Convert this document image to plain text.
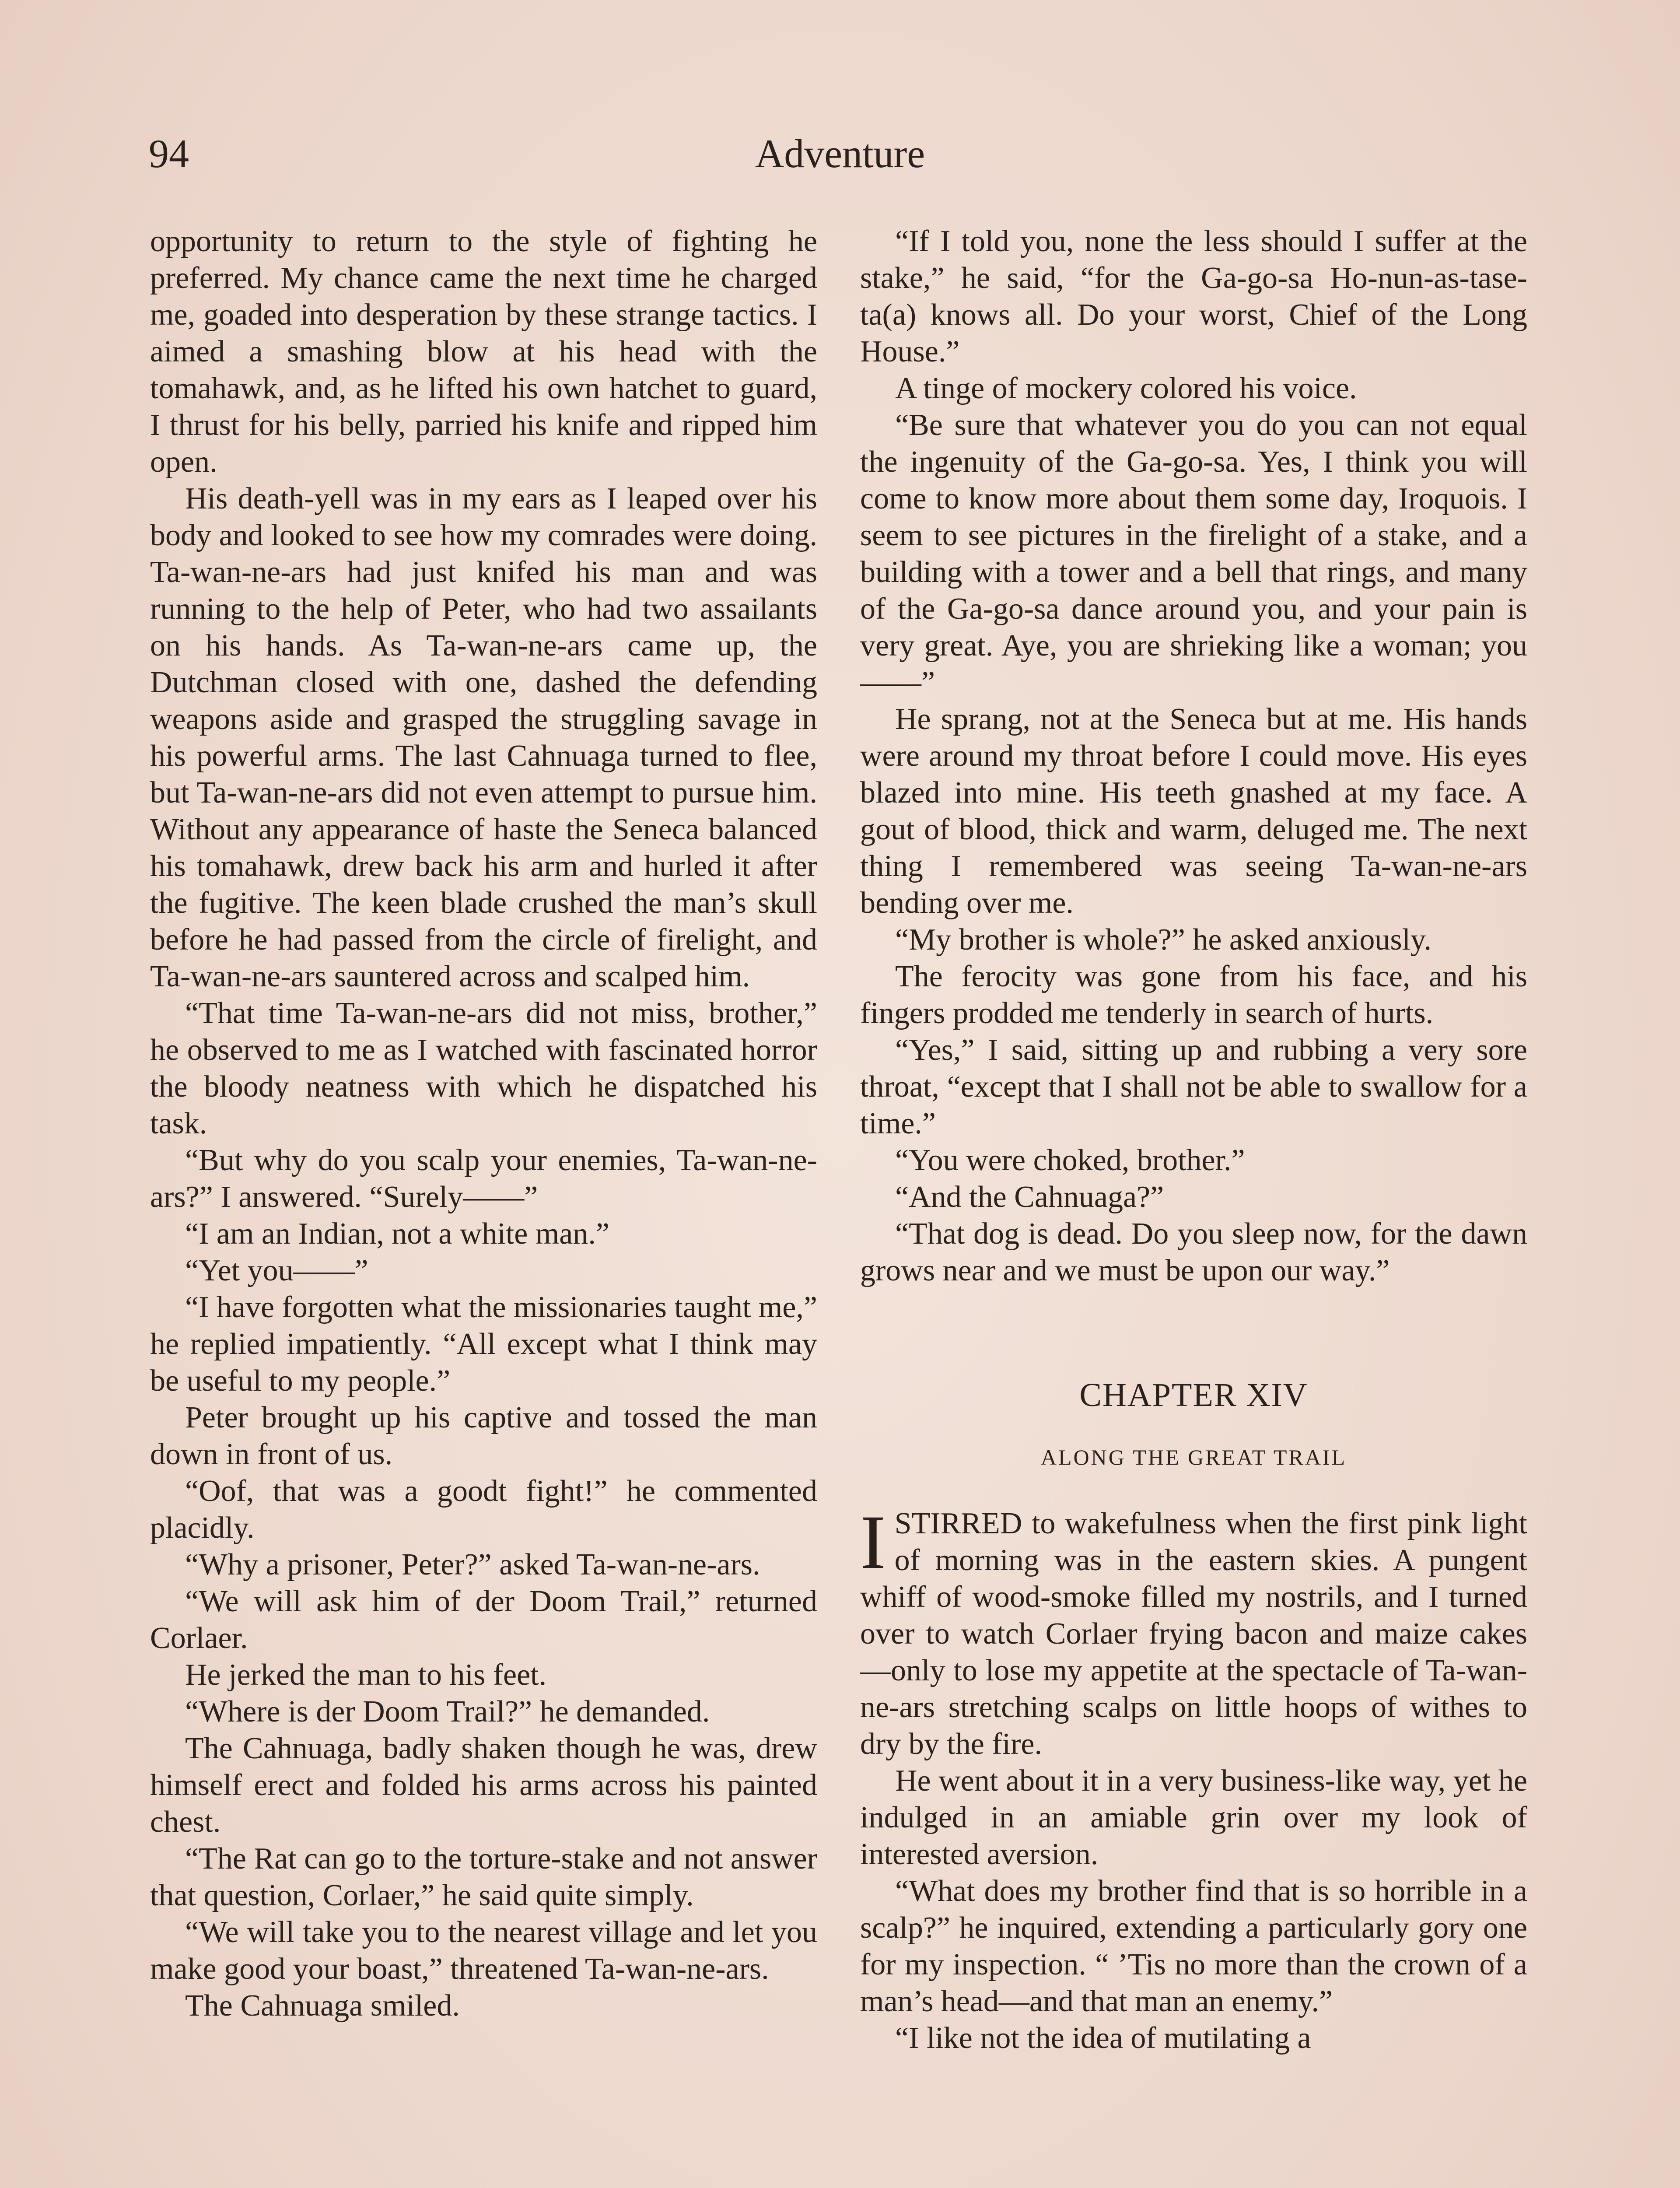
94	Adventure

opportunity to return to the style of fighting he preferred. My chance came the next time he charged me, goaded into desperation by these strange tactics. I aimed a smashing blow at his head with the tomahawk, and, as he lifted his own hatchet to guard, I thrust for his belly, parried his knife and ripped him open.

His death-yell was in my ears as I leaped over his body and looked to see how my comrades were doing. Ta-wan-ne-ars had just knifed his man and was running to the help of Peter, who had two assailants on his hands. As Ta-wan-ne-ars came up, the Dutchman closed with one, dashed the defending weapons aside and grasped the struggling savage in his powerful arms. The last Cahnuaga turned to flee, but Ta-wan-ne-ars did not even attempt to pursue him. Without any appearance of haste the Seneca balanced his tomahawk, drew back his arm and hurled it after the fugitive. The keen blade crushed the man’s skull before he had passed from the circle of firelight, and Ta-wan-ne-ars sauntered across and scalped him.

“That time Ta-wan-ne-ars did not miss, brother,” he observed to me as I watched with fascinated horror the bloody neatness with which he dispatched his task.

“But why do you scalp your enemies, Ta-wan-ne-ars?” I answered. “Surely——”

“I am an Indian, not a white man.”

“Yet you——”

“I have forgotten what the missionaries taught me,” he replied impatiently. “All except what I think may be useful to my people.”

Peter brought up his captive and tossed the man down in front of us.

“Oof, that was a goodt fight!” he commented placidly.

“Why a prisoner, Peter?” asked Ta-wan-ne-ars.

“We will ask him of der Doom Trail,” returned Corlaer.

He jerked the man to his feet.

“Where is der Doom Trail?” he demanded.

The Cahnuaga, badly shaken though he was, drew himself erect and folded his arms across his painted chest.

“The Rat can go to the torture-stake and not answer that question, Corlaer,” he said quite simply.

“We will take you to the nearest village and let you make good your boast,” threatened Ta-wan-ne-ars.

The Cahnuaga smiled.

“If I told you, none the less should I suffer at the stake,” he said, “for the Ga-go-sa Ho-nun-as-tase-ta(a) knows all. Do your worst, Chief of the Long House.”

A tinge of mockery colored his voice.

“Be sure that whatever you do you can not equal the ingenuity of the Ga-go-sa. Yes, I think you will come to know more about them some day, Iroquois. I seem to see pictures in the firelight of a stake, and a building with a tower and a bell that rings, and many of the Ga-go-sa dance around you, and your pain is very great. Aye, you are shrieking like a woman; you——”

He sprang, not at the Seneca but at me. His hands were around my throat before I could move. His eyes blazed into mine. His teeth gnashed at my face. A gout of blood, thick and warm, deluged me. The next thing I remembered was seeing Ta-wan-ne-ars bending over me.

“My brother is whole?” he asked anxiously.

The ferocity was gone from his face, and his fingers prodded me tenderly in search of hurts.

“Yes,” I said, sitting up and rubbing a very sore throat, “except that I shall not be able to swallow for a time.”

“You were choked, brother.”

“And the Cahnuaga?”

“That dog is dead. Do you sleep now, for the dawn grows near and we must be upon our way.”

CHAPTER XIV
ALONG THE GREAT TRAIL

ISTIRRED to wakefulness when the first pink light of morning was in the eastern skies. A pungent whiff of wood-smoke filled my nostrils, and I turned over to watch Corlaer frying bacon and maize cakes —only to lose my appetite at the spectacle of Ta-wan-ne-ars stretching scalps on little hoops of withes to dry by the fire.

He went about it in a very business-like way, yet he indulged in an amiable grin over my look of interested aversion.

“What does my brother find that is so horrible in a scalp?” he inquired, extending a particularly gory one for my inspection. “ ’Tis no more than the crown of a man’s head—and that man an enemy.”

“I like not the idea of mutilating a
